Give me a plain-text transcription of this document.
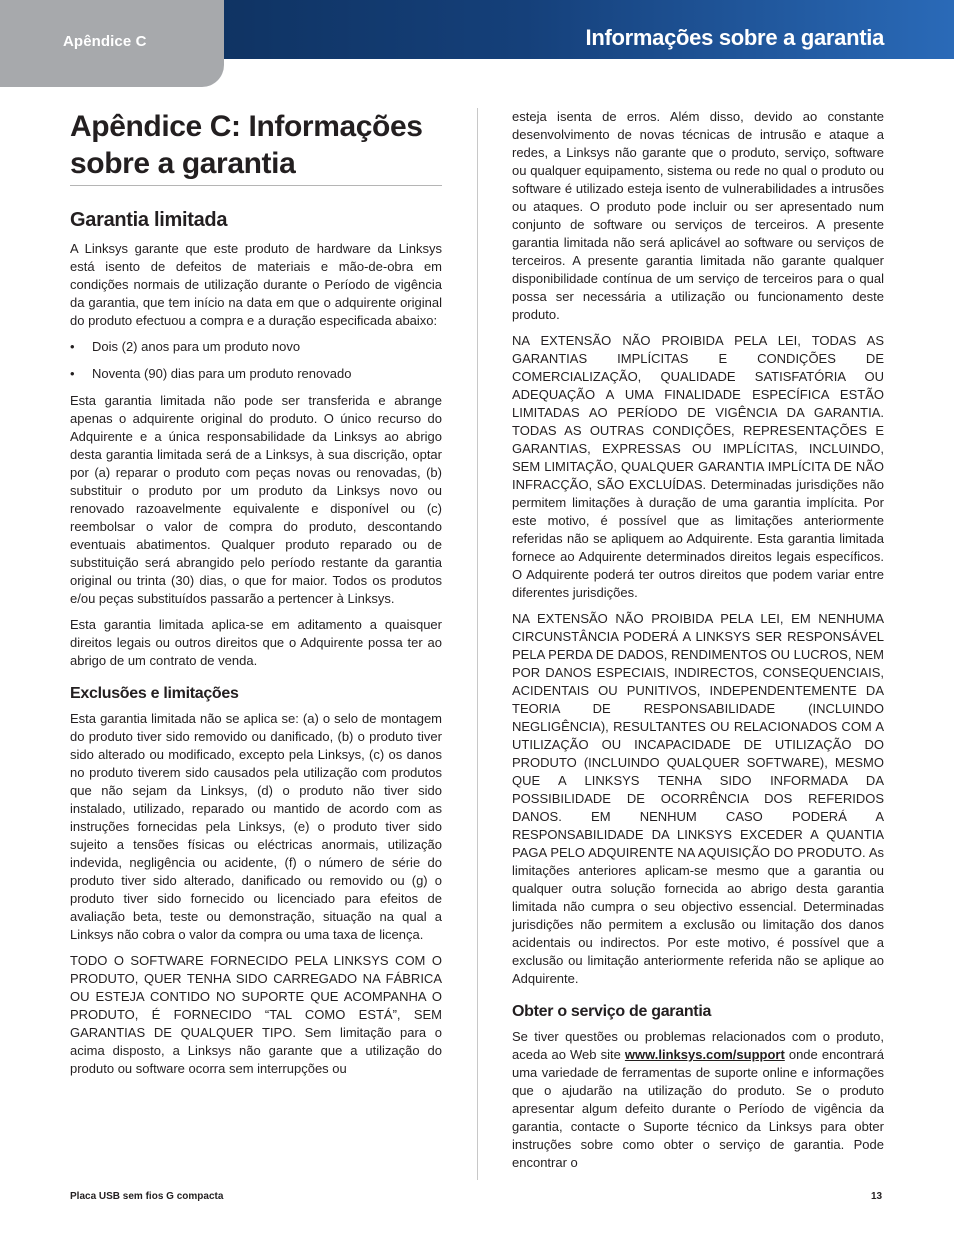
Apêndice C	Informações sobre a garantia
Apêndice C: Informações sobre a garantia
Garantia limitada

A Linksys garante que este produto de hardware da Linksys está isento de defeitos de materiais e mão-de-obra em condições normais de utilização durante o Período de vigência da garantia, que tem início na data em que o adquirente original do produto efectuou a compra e a duração especificada abaixo:

• Dois (2) anos para um produto novo
• Noventa (90) dias para um produto renovado

Esta garantia limitada não pode ser transferida e abrange apenas o adquirente original do produto. O único recurso do Adquirente e a única responsabilidade da Linksys ao abrigo desta garantia limitada será de a Linksys, à sua discrição, optar por (a) reparar o produto com peças novas ou renovadas, (b) substituir o produto por um produto da Linksys novo ou renovado razoavelmente equivalente e disponível ou (c) reembolsar o valor de compra do produto, descontando eventuais abatimentos. Qualquer produto reparado ou de substituição será abrangido pelo período restante da garantia original ou trinta (30) dias, o que for maior. Todos os produtos e/ou peças substituídos passarão a pertencer à Linksys.

Esta garantia limitada aplica-se em aditamento a quaisquer direitos legais ou outros direitos que o Adquirente possa ter ao abrigo de um contrato de venda.

Exclusões e limitações

Esta garantia limitada não se aplica se: (a) o selo de montagem do produto tiver sido removido ou danificado, (b) o produto tiver sido alterado ou modificado, excepto pela Linksys, (c) os danos no produto tiverem sido causados pela utilização com produtos que não sejam da Linksys, (d) o produto não tiver sido instalado, utilizado, reparado ou mantido de acordo com as instruções fornecidas pela Linksys, (e) o produto tiver sido sujeito a tensões físicas ou eléctricas anormais, utilização indevida, negligência ou acidente, (f) o número de série do produto tiver sido alterado, danificado ou removido ou (g) o produto tiver sido fornecido ou licenciado para efeitos de avaliação beta, teste ou demonstração, situação na qual a Linksys não cobra o valor da compra ou uma taxa de licença.

TODO O SOFTWARE FORNECIDO PELA LINKSYS COM O PRODUTO, QUER TENHA SIDO CARREGADO NA FÁBRICA OU ESTEJA CONTIDO NO SUPORTE QUE ACOMPANHA O PRODUTO, É FORNECIDO “TAL COMO ESTÁ”, SEM GARANTIAS DE QUALQUER TIPO. Sem limitação para o acima disposto, a Linksys não garante que a utilização do produto ou software ocorra sem interrupções ou

esteja isenta de erros. Além disso, devido ao constante desenvolvimento de novas técnicas de intrusão e ataque a redes, a Linksys não garante que o produto, serviço, software ou qualquer equipamento, sistema ou rede no qual o produto ou software é utilizado esteja isento de vulnerabilidades a intrusões ou ataques. O produto pode incluir ou ser apresentado num conjunto de software ou serviços de terceiros. A presente garantia limitada não será aplicável ao software ou serviços de terceiros. A presente garantia limitada não garante qualquer disponibilidade contínua de um serviço de terceiros para o qual possa ser necessária a utilização ou funcionamento deste produto.

NA EXTENSÃO NÃO PROIBIDA PELA LEI, TODAS AS GARANTIAS IMPLÍCITAS E CONDIÇÕES DE COMERCIALIZAÇÃO, QUALIDADE SATISFATÓRIA OU ADEQUAÇÃO A UMA FINALIDADE ESPECÍFICA ESTÃO LIMITADAS AO PERÍODO DE VIGÊNCIA DA GARANTIA. TODAS AS OUTRAS CONDIÇÕES, REPRESENTAÇÕES E GARANTIAS, EXPRESSAS OU IMPLÍCITAS, INCLUINDO, SEM LIMITAÇÃO, QUALQUER GARANTIA IMPLÍCITA DE NÃO INFRACÇÃO, SÃO EXCLUÍDAS. Determinadas jurisdições não permitem limitações à duração de uma garantia implícita. Por este motivo, é possível que as limitações anteriormente referidas não se apliquem ao Adquirente. Esta garantia limitada fornece ao Adquirente determinados direitos legais específicos. O Adquirente poderá ter outros direitos que podem variar entre diferentes jurisdições.

NA EXTENSÃO NÃO PROIBIDA PELA LEI, EM NENHUMA CIRCUNSTÂNCIA PODERÁ A LINKSYS SER RESPONSÁVEL PELA PERDA DE DADOS, RENDIMENTOS OU LUCROS, NEM POR DANOS ESPECIAIS, INDIRECTOS, CONSEQUENCIAIS, ACIDENTAIS OU PUNITIVOS, INDEPENDENTEMENTE DA TEORIA DE RESPONSABILIDADE (INCLUINDO NEGLIGÊNCIA), RESULTANTES OU RELACIONADOS COM A UTILIZAÇÃO OU INCAPACIDADE DE UTILIZAÇÃO DO PRODUTO (INCLUINDO QUALQUER SOFTWARE), MESMO QUE A LINKSYS TENHA SIDO INFORMADA DA POSSIBILIDADE DE OCORRÊNCIA DOS REFERIDOS DANOS. EM NENHUM CASO PODERÁ A RESPONSABILIDADE DA LINKSYS EXCEDER A QUANTIA PAGA PELO ADQUIRENTE NA AQUISIÇÃO DO PRODUTO. As limitações anteriores aplicam-se mesmo que a garantia ou qualquer outra solução fornecida ao abrigo desta garantia limitada não cumpra o seu objectivo essencial. Determinadas jurisdições não permitem a exclusão ou limitação dos danos acidentais ou indirectos. Por este motivo, é possível que a exclusão ou limitação anteriormente referida não se aplique ao Adquirente.

Obter o serviço de garantia

Se tiver questões ou problemas relacionados com o produto, aceda ao Web site www.linksys.com/support onde encontrará uma variedade de ferramentas de suporte online e informações que o ajudarão na utilização do produto. Se o produto apresentar algum defeito durante o Período de vigência da garantia, contacte o Suporte técnico da Linksys para obter instruções sobre como obter o serviço de garantia. Pode encontrar o

Placa USB sem fios G compacta	13
